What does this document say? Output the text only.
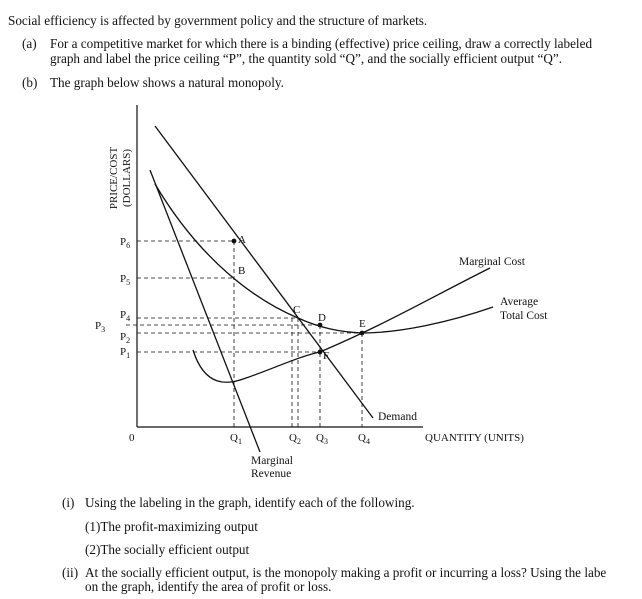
Social efficiency is affected by government policy and the structure of markets.
(a) For a competitive market for which there is a binding (effective) price ceiling, draw a correctly labeled graph and label the price ceiling “P”, the quantity sold “Q”, and the socially efficient output “Q”.
(b) The graph below shows a natural monopoly.
PRICE/COST (DOLLARS)
$P_6$
$P_5$
$P_4$
$P_3$
$P_2$
$P_1$
0	$Q_1$	$Q_2$ $Q_3$	$Q_4$	QUANTITY (UNITS)
A
B
C
D	E
F
Marginal Cost
Average
Total Cost
Demand
Marginal
Revenue
(i) Using the labeling in the graph, identify each of the following.
(1)The profit-maximizing output
(2)The socially efficient output
(ii) At the socially efficient output, is the monopoly making a profit or incurring a loss? Using the labe
on the graph, identify the area of profit or loss.
